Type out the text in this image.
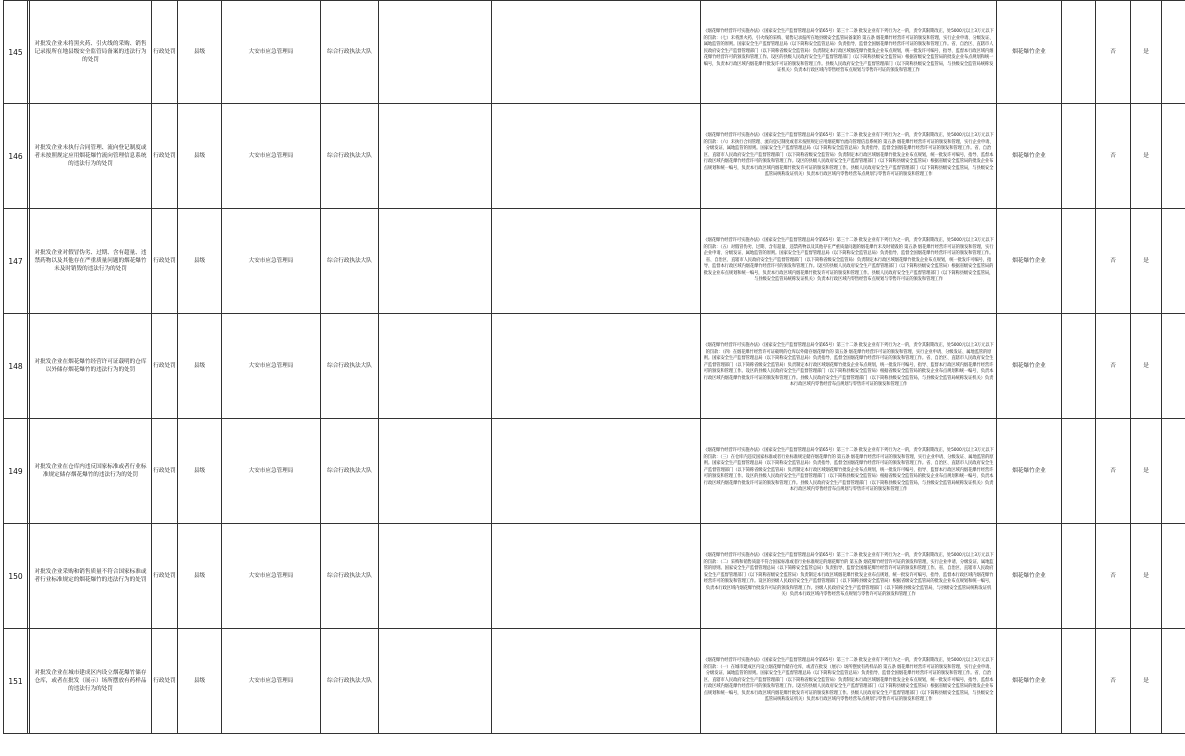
145		对批发企业未将黑火药、引火线的采购、销售记录报所在地县级安全监管局备案的违法行为的处罚	行政处罚	县级	大安市应急管理局	综合行政执法大队			《烟花爆竹经营许可实施办法》（国家安全生产监督管理总局令第65号）第三十二条 批发企业有下列行为之一的，责令其限期改正，处5000元以上3万元以下的罚款：（七）未将黑火药、引火线的采购、销售记录报所在地县级安全监管局备案的 第五条 烟花爆竹经营许可证的颁发和管理，实行企业申请、分级发证、属地监管的原则。国家安全生产监督管理总局（以下简称安全监管总局）负责指导、监督全国烟花爆竹经营许可证的颁发和管理工作。省、自治区、直辖市人民政府安全生产监督管理部门（以下简称省级安全监管局）负责制定本行政区域烟花爆竹批发企业布点规划，统一批发许可编号，指导、监督本行政区域内烟花爆竹经营许可的颁发和管理工作。设区的县级人民政府安全生产监督管理部门（以下简称县级安全监管局）根据省级安全监管局的批发企业布点规划和统一编号，负责本行政区域内烟花爆竹批发许可证的颁发和管理工作。县级人民政府安全生产监督管理部门（以下简称县级安全监管局，与县级安全监管局统称发证机关）负责本行政区域内零售经营布点规划与零售许可证的颁发和管理工作	烟花爆竹企业		否	是	
146		对批发企业未执行合同管理、流向登记制度或者未按照规定应用烟花爆竹流向管理信息系统的违法行为的处罚	行政处罚	县级	大安市应急管理局	综合行政执法大队			《烟花爆竹经营许可实施办法》（国家安全生产监督管理总局令第65号）第三十二条 批发企业有下列行为之一的，责令其限期改正，处5000元以上3万元以下的罚款：（六）未执行合同管理、流向登记制度或者未按照规定应用烟花爆竹流向管理信息系统的 第五条 烟花爆竹经营许可证的颁发和管理，实行企业申请、分级发证、属地监管的原则。国家安全生产监督管理总局（以下简称安全监管总局）负责指导、监督全国烟花爆竹经营许可证的颁发和管理工作。省、自治区、直辖市人民政府安全生产监督管理部门（以下简称省级安全监管局）负责制定本行政区域烟花爆竹批发企业布点规划，统一批发许可编号，指导、监督本行政区域内烟花爆竹经营许可的颁发和管理工作。设区的县级人民政府安全生产监督管理部门（以下简称县级安全监管局）根据省级安全监管局的批发企业布点规划和统一编号，负责本行政区域内烟花爆竹批发许可证的颁发和管理工作。县级人民政府安全生产监督管理部门（以下简称县级安全监管局，与县级安全监管局统称发证机关）负责本行政区域内零售经营布点规划与零售许可证的颁发和管理工作	烟花爆竹企业		否	是	
147		对批发企业对假冒伪劣、过期、含有超量、违禁药物以及其他存在严重质量问题的烟花爆竹未及时销毁的违法行为的处罚	行政处罚	县级	大安市应急管理局	综合行政执法大队			《烟花爆竹经营许可实施办法》（国家安全生产监督管理总局令第65号）第三十二条 批发企业有下列行为之一的，责令其限期改正，处5000元以上3万元以下的罚款：（五）对假冒伪劣、过期、含有超量、违禁药物以及其他存在严重质量问题的烟花爆竹未及时销毁的 第五条 烟花爆竹经营许可证的颁发和管理，实行企业申请、分级发证、属地监管的原则。国家安全生产监督管理总局（以下简称安全监管总局）负责指导、监督全国烟花爆竹经营许可证的颁发和管理工作。省、自治区、直辖市人民政府安全生产监督管理部门（以下简称省级安全监管局）负责制定本行政区域烟花爆竹批发企业布点规划，统一批发许可编号，指导、监督本行政区域内烟花爆竹经营许可的颁发和管理工作。设区的县级人民政府安全生产监督管理部门（以下简称县级安全监管局）根据省级安全监管局的批发企业布点规划和统一编号，负责本行政区域内烟花爆竹批发许可证的颁发和管理工作。县级人民政府安全生产监督管理部门（以下简称县级安全监管局，与县级安全监管局统称发证机关）负责本行政区域内零售经营布点规划与零售许可证的颁发和管理工作	烟花爆竹企业		否	是	
148		对批发企业在烟花爆竹经营许可证载明的仓库以外储存烟花爆竹的违法行为的处罚	行政处罚	县级	大安市应急管理局	综合行政执法大队			《烟花爆竹经营许可实施办法》（国家安全生产监督管理总局令第65号）第三十二条 批发企业有下列行为之一的，责令其限期改正，处5000元以上3万元以下的罚款：（四）在烟花爆竹经营许可证载明的仓库以外储存烟花爆竹的 第五条 烟花爆竹经营许可证的颁发和管理，实行企业申请、分级发证、属地监管的原则。国家安全生产监督管理总局（以下简称安全监管总局）负责指导、监督全国烟花爆竹经营许可证的颁发和管理工作。省、自治区、直辖市人民政府安全生产监督管理部门（以下简称省级安全监管局）负责制定本行政区域烟花爆竹批发企业布点规划，统一批发许可编号，指导、监督本行政区域内烟花爆竹经营许可的颁发和管理工作。设区的县级人民政府安全生产监督管理部门（以下简称县级安全监管局）根据省级安全监管局的批发企业布点规划和统一编号，负责本行政区域内烟花爆竹批发许可证的颁发和管理工作。县级人民政府安全生产监督管理部门（以下简称县级安全监管局，与县级安全监管局统称发证机关）负责本行政区域内零售经营布点规划与零售许可证的颁发和管理工作	烟花爆竹企业		否	是	
149		对批发企业在仓库内违反国家标准或者行业标准规定储存烟花爆竹的违法行为的处罚	行政处罚	县级	大安市应急管理局	综合行政执法大队			《烟花爆竹经营许可实施办法》（国家安全生产监督管理总局令第65号）第三十二条 批发企业有下列行为之一的，责令其限期改正，处5000元以上3万元以下的罚款：（三）在仓库内违反国家标准或者行业标准规定储存烟花爆竹的 第五条 烟花爆竹经营许可证的颁发和管理，实行企业申请、分级发证、属地监管的原则。国家安全生产监督管理总局（以下简称安全监管总局）负责指导、监督全国烟花爆竹经营许可证的颁发和管理工作。省、自治区、直辖市人民政府安全生产监督管理部门（以下简称省级安全监管局）负责制定本行政区域烟花爆竹批发企业布点规划，统一批发许可编号，指导、监督本行政区域内烟花爆竹经营许可的颁发和管理工作。设区的县级人民政府安全生产监督管理部门（以下简称县级安全监管局）根据省级安全监管局的批发企业布点规划和统一编号，负责本行政区域内烟花爆竹批发许可证的颁发和管理工作。县级人民政府安全生产监督管理部门（以下简称县级安全监管局，与县级安全监管局统称发证机关）负责本行政区域内零售经营布点规划与零售许可证的颁发和管理工作	烟花爆竹企业		否	是	
150		对批发企业采购和销售质量不符合国家标准或者行业标准规定的烟花爆竹的违法行为的处罚	行政处罚	县级	大安市应急管理局	综合行政执法大队			《烟花爆竹经营许可实施办法》（国家安全生产监督管理总局令第65号）第三十二条 批发企业有下列行为之一的，责令其限期改正，处5000元以上3万元以下的罚款：（二）采购和销售质量不符合国家标准或者行业标准规定的烟花爆竹的 第五条 烟花爆竹经营许可证的颁发和管理，实行企业申请、分级发证、属地监管的原则。国家安全生产监督管理总局（以下简称安全监管总局）负责指导、监督全国烟花爆竹经营许可证的颁发和管理工作。省、自治区、直辖市人民政府安全生产监督管理部门（以下简称省级安全监管局）负责制定本行政区域烟花爆竹批发企业布点规划，统一批发许可编号，指导、监督本行政区域内烟花爆竹经营许可的颁发和管理工作。设区的县级人民政府安全生产监督管理部门（以下简称县级安全监管局）根据省级安全监管局的批发企业布点规划和统一编号，负责本行政区域内烟花爆竹批发许可证的颁发和管理工作。县级人民政府安全生产监督管理部门（以下简称县级安全监管局，与县级安全监管局统称发证机关）负责本行政区域内零售经营布点规划与零售许可证的颁发和管理工作	烟花爆竹企业		否	是	
151		对批发企业在城市建成区内设立烟花爆竹储存仓库，或者在批发（展示）场所摆放有药样品的违法行为的处罚	行政处罚	县级	大安市应急管理局	综合行政执法大队			《烟花爆竹经营许可实施办法》（国家安全生产监督管理总局令第65号）第三十二条 批发企业有下列行为之一的，责令其限期改正，处5000元以上3万元以下的罚款：（一）在城市建成区内设立烟花爆竹储存仓库，或者在批发（展示）场所摆放有药样品的 第五条 烟花爆竹经营许可证的颁发和管理，实行企业申请、分级发证、属地监管的原则。国家安全生产监督管理总局（以下简称安全监管总局）负责指导、监督全国烟花爆竹经营许可证的颁发和管理工作。省、自治区、直辖市人民政府安全生产监督管理部门（以下简称省级安全监管局）负责制定本行政区域烟花爆竹批发企业布点规划，统一批发许可编号，指导、监督本行政区域内烟花爆竹经营许可的颁发和管理工作。设区的县级人民政府安全生产监督管理部门（以下简称县级安全监管局）根据省级安全监管局的批发企业布点规划和统一编号，负责本行政区域内烟花爆竹批发许可证的颁发和管理工作。县级人民政府安全生产监督管理部门（以下简称县级安全监管局，与县级安全监管局统称发证机关）负责本行政区域内零售经营布点规划与零售许可证的颁发和管理工作	烟花爆竹企业		否	是	
